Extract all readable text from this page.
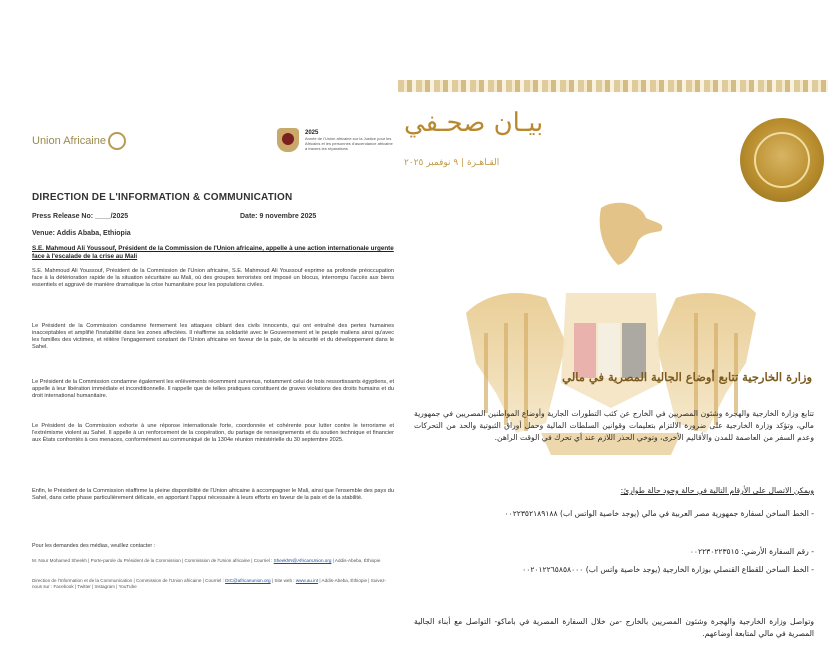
Union Africaine
2025
Année de l'Union africaine sur la Justice pour les Africains et les personnes d'ascendance africaine à travers les réparations
DIRECTION DE L'INFORMATION & COMMUNICATION
Press Release No: ____/2025	Date: 9 novembre 2025
Venue: Addis Ababa, Ethiopia
S.E. Mahmoud Ali Youssouf, Président de la Commission de l'Union africaine, appelle à une action internationale urgente face à l'escalade de la crise au Mali
S.E. Mahmoud Ali Youssouf, Président de la Commission de l'Union africaine, S.E. Mahmoud Ali Youssouf exprime sa profonde préoccupation face à la détérioration rapide de la situation sécuritaire au Mali, où des groupes terroristes ont imposé un blocus, interrompu l'accès aux biens essentiels et aggravé de manière dramatique la crise humanitaire pour les populations civiles.
Le Président de la Commission condamne fermement les attaques ciblant des civils innocents, qui ont entraîné des pertes humaines inacceptables et amplifié l'instabilité dans les zones affectées. Il réaffirme sa solidarité avec le Gouvernement et le peuple maliens ainsi qu'avec les familles des victimes, et réitère l'engagement constant de l'Union africaine en faveur de la paix, de la sécurité et du développement dans le Sahel.
Le Président de la Commission condamne également les enlèvements récemment survenus, notamment celui de trois ressortissants égyptiens, et appelle à leur libération immédiate et inconditionnelle. Il rappelle que de telles pratiques constituent de graves violations des droits humains et du droit international humanitaire.
Le Président de la Commission exhorte à une réponse internationale forte, coordonnée et cohérente pour lutter contre le terrorisme et l'extrémisme violent au Sahel. Il appelle à un renforcement de la coopération, du partage de renseignements et du soutien technique et financier aux États confrontés à ces menaces, conformément au communiqué de la 1304e réunion ministérielle du 30 septembre 2025.
Enfin, le Président de la Commission réaffirme la pleine disponibilité de l'Union africaine à accompagner le Mali, ainsi que l'ensemble des pays du Sahel, dans cette phase particulièrement délicate, en apportant l'appui nécessaire à leurs efforts en faveur de la paix et de la stabilité.
Pour les demandes des médias, veuillez contacter :
M. Nour Mohamed Sheekh | Porte-parole du Président de la Commission | Commission de l'Union africaine | Courriel : SheekhN@AfricanUnion.org | Addis-Abeba, Éthiopie
Direction de l'Information et de la Communication | Commission de l'Union africaine | Courriel : DIC@africanunion.org | Site web : www.au.int | Addis-Abeba, Éthiopie | Suivez-nous sur : Facebook | Twitter | Instagram | YouTube
بيـان صحـفي
القـاهـرة | ٩ نوفمبر ٢٠٢٥
وزارة الخارجية تتابع أوضاع الجالية المصرية في مالي
تتابع وزارة الخارجية والهجرة وشئون المصريين في الخارج عن كثب التطورات الجارية وأوضاع المواطنين المصريين في جمهورية مالي، وتؤكد وزارة الخارجية على ضرورة الالتزام بتعليمات وقوانين السلطات المالية وحمل أوراق الثبوتية والحد من التحركات وعدم السفر من العاصمة للمدن والأقاليم الأخرى، وتوخي الحذر اللازم عند أي تحرك في الوقت الراهن.
ويمكن الاتصال على الأرقام التالية في حالة وجود حالة طوارئ:
- الخط الساخن لسفارة جمهورية مصر العربية في مالي (يوجد خاصية الواتس اب) ٠٠٢٢٣٥٢١٨٩١٨٨
- رقم السفارة الأرضي: ٠٠٢٢٣٠٢٢٣٥١٥
- الخط الساخن للقطاع القنصلي بوزارة الخارجية (يوجد خاصية واتس اب) ٠٠٢٠١٢٢٦٥٨٥٨٠٠٠
وتواصل وزارة الخارجية والهجرة وشئون المصريين بالخارج -من خلال السفارة المصرية في باماكو- التواصل مع أبناء الجالية المصرية في مالي لمتابعة أوضاعهم.
